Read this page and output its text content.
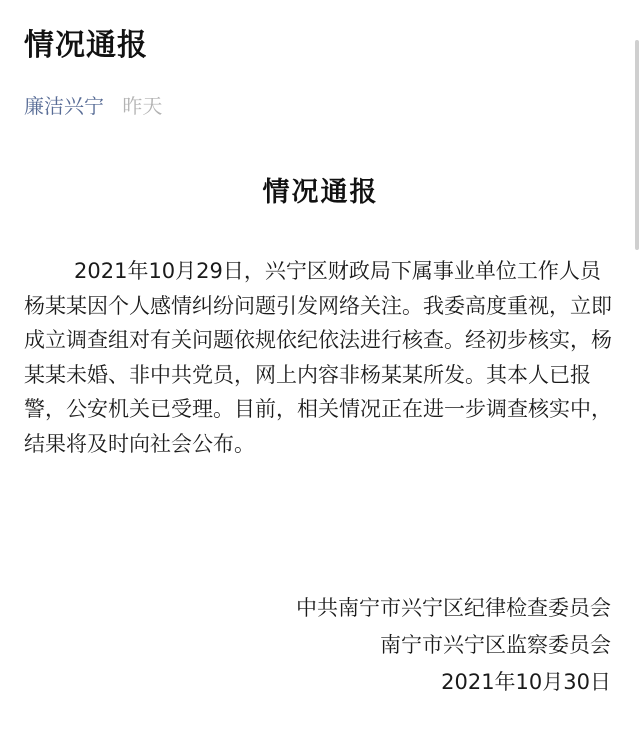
情况通报
廉洁兴宁 昨天
情况通报
2021年10月29日，兴宁区财政局下属事业单位工作人员杨某某因个人感情纠纷问题引发网络关注。我委高度重视，立即成立调查组对有关问题依规依纪依法进行核查。经初步核实，杨某某未婚、非中共党员，网上内容非杨某某所发。其本人已报警，公安机关已受理。目前，相关情况正在进一步调查核实中，结果将及时向社会公布。
中共南宁市兴宁区纪律检查委员会
南宁市兴宁区监察委员会
2021年10月30日
